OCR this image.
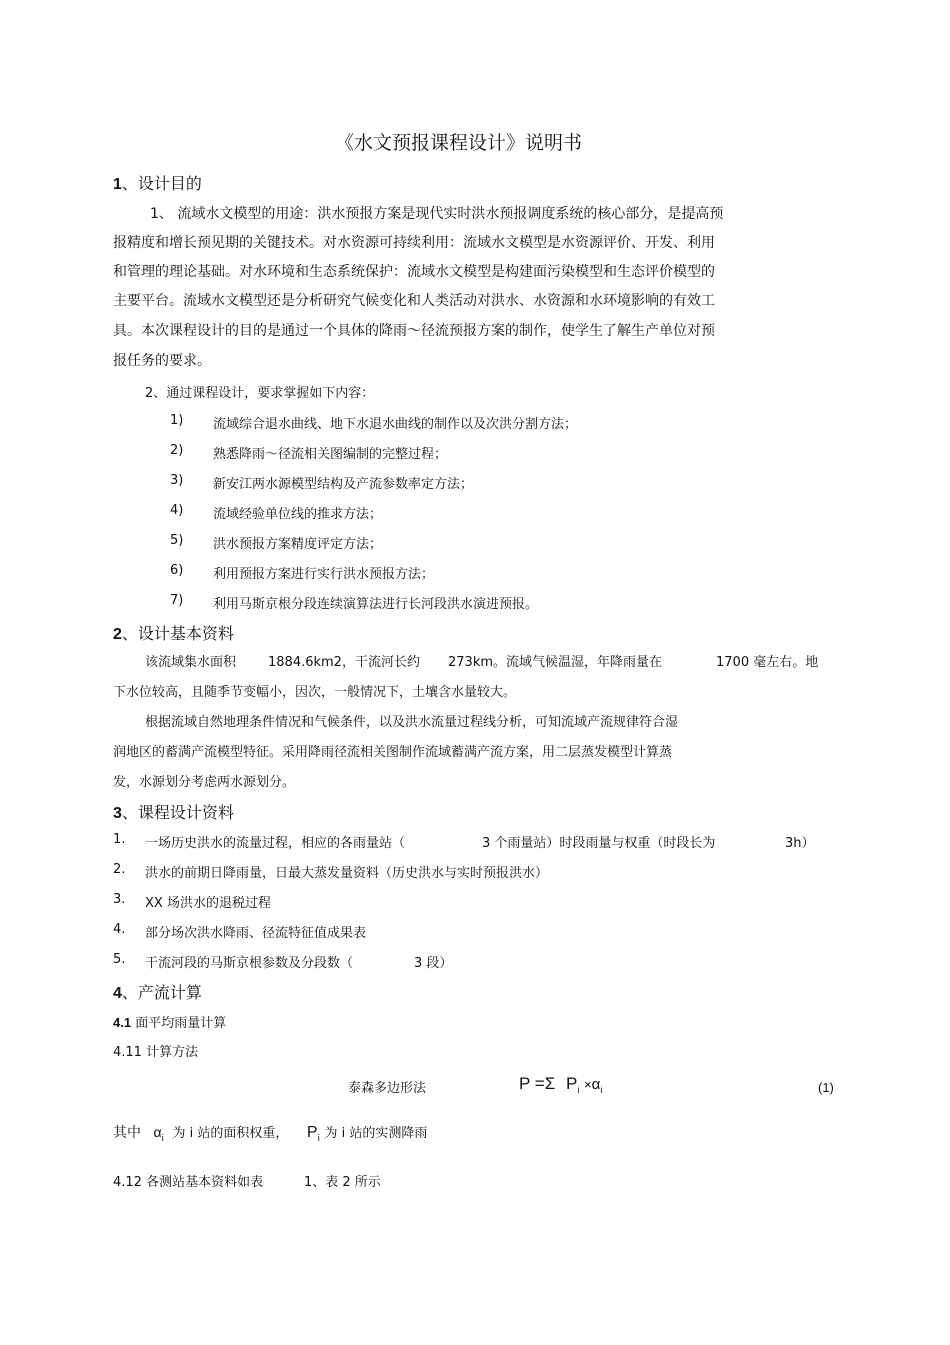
《水文预报课程设计》说明书
1、设计目的
1、 流域水文模型的用途：洪水预报方案是现代实时洪水预报调度系统的核心部分，是提高预
报精度和增长预见期的关键技术。对水资源可持续利用：流域水文模型是水资源评价、开发、利用
和管理的理论基础。对水环境和生态系统保护：流域水文模型是构建面污染模型和生态评价模型的
主要平台。流域水文模型还是分析研究气候变化和人类活动对洪水、水资源和水环境影响的有效工
具。本次课程设计的目的是通过一个具体的降雨～径流预报方案的制作，使学生了解生产单位对预
报任务的要求。
2、通过课程设计，要求掌握如下内容：
1) 流域综合退水曲线、地下水退水曲线的制作以及次洪分割方法；
2) 熟悉降雨～径流相关图编制的完整过程；
3) 新安江两水源模型结构及产流参数率定方法；
4) 流域经验单位线的推求方法；
5) 洪水预报方案精度评定方法；
6) 利用预报方案进行实行洪水预报方法；
7) 利用马斯京根分段连续演算法进行长河段洪水演进预报。
2、设计基本资料
该流域集水面积 1884.6km2，干流河长约 273km。流域气候温湿，年降雨量在	1700 毫左右。地
下水位较高，且随季节变幅小，因次，一般情况下，土壤含水量较大。
根据流域自然地理条件情况和气候条件，以及洪水流量过程线分析，可知流域产流规律符合湿
润地区的蓄满产流模型特征。采用降雨径流相关图制作流域蓄满产流方案，用二层蒸发模型计算蒸
发，水源划分考虑两水源划分。
3、课程设计资料
1. 一场历史洪水的流量过程，相应的各雨量站（	3 个雨量站）时段雨量与权重（时段长为	3h）
2. 洪水的前期日降雨量，日最大蒸发量资料（历史洪水与实时预报洪水）
3. XX 场洪水的退税过程
4. 部分场次洪水降雨、径流特征值成果表
5. 干流河段的马斯京根参数及分段数（	3 段）
4、产流计算
4.1 面平均雨量计算
4.11 计算方法
泰森多边形法	P =Σ $P_i \times\alpha_i$	(1)
其中 $\alpha_i$ 为 i 站的面积权重， $P_i$ 为 i 站的实测降雨
4.12 各测站基本资料如表	1、表 2 所示
